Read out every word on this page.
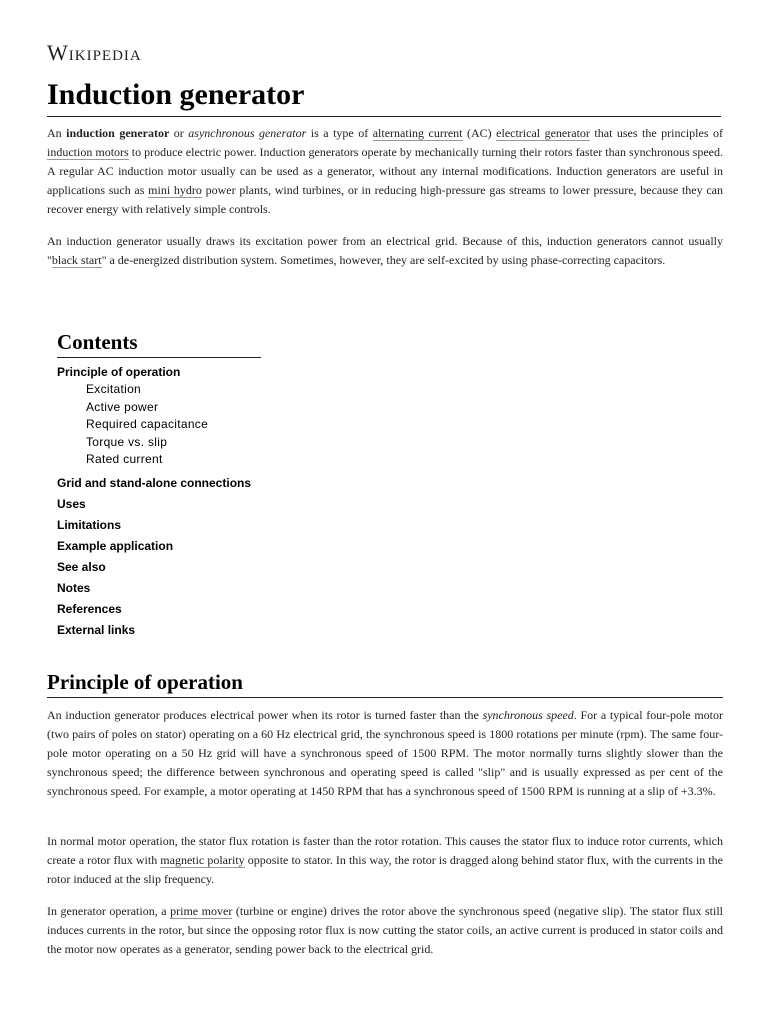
Wikipedia
Induction generator

An induction generator or asynchronous generator is a type of alternating current (AC) electrical generator that uses the principles of induction motors to produce electric power. Induction generators operate by mechanically turning their rotors faster than synchronous speed. A regular AC induction motor usually can be used as a generator, without any internal modifications. Induction generators are useful in applications such as mini hydro power plants, wind turbines, or in reducing high-pressure gas streams to lower pressure, because they can recover energy with relatively simple controls.

An induction generator usually draws its excitation power from an electrical grid. Because of this, induction generators cannot usually "black start" a de-energized distribution system. Sometimes, however, they are self-excited by using phase-correcting capacitors.

Contents
Principle of operation
Excitation
Active power
Required capacitance
Torque vs. slip
Rated current
Grid and stand-alone connections
Uses
Limitations
Example application
See also
Notes
References
External links
Principle of operation

An induction generator produces electrical power when its rotor is turned faster than the synchronous speed. For a typical four-pole motor (two pairs of poles on stator) operating on a 60 Hz electrical grid, the synchronous speed is 1800 rotations per minute (rpm). The same four-pole motor operating on a 50 Hz grid will have a synchronous speed of 1500 RPM. The motor normally turns slightly slower than the synchronous speed; the difference between synchronous and operating speed is called "slip" and is usually expressed as per cent of the synchronous speed. For example, a motor operating at 1450 RPM that has a synchronous speed of 1500 RPM is running at a slip of +3.3%.

In normal motor operation, the stator flux rotation is faster than the rotor rotation. This causes the stator flux to induce rotor currents, which create a rotor flux with magnetic polarity opposite to stator. In this way, the rotor is dragged along behind stator flux, with the currents in the rotor induced at the slip frequency.

In generator operation, a prime mover (turbine or engine) drives the rotor above the synchronous speed (negative slip). The stator flux still induces currents in the rotor, but since the opposing rotor flux is now cutting the stator coils, an active current is produced in stator coils and the motor now operates as a generator, sending power back to the electrical grid.
